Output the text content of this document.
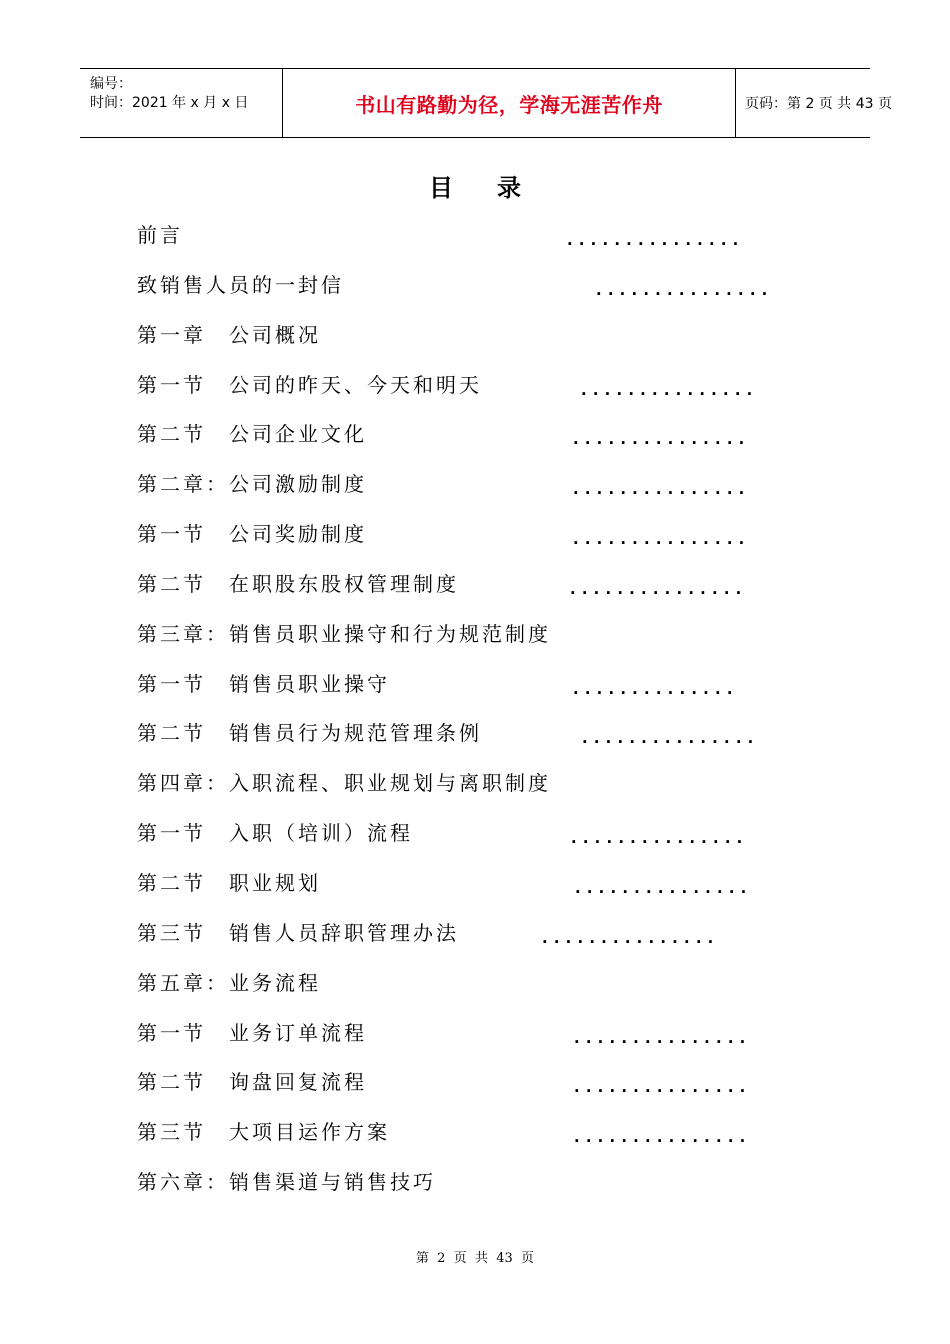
编号：
时间：2021 年 x 月 x 日	书山有路勤为径，学海无涯苦作舟	页码：第 2 页 共 43 页
目 录
前言	...............
致销售人员的一封信	...............
第一章　公司概况
第一节　公司的昨天、今天和明天	...............
第二节　公司企业文化	...............
第二章：公司激励制度	...............
第一节　公司奖励制度	...............
第二节　在职股东股权管理制度	...............
第三章：销售员职业操守和行为规范制度
第一节　销售员职业操守	..............
第二节　销售员行为规范管理条例	...............
第四章：入职流程、职业规划与离职制度
第一节　入职（培训）流程	...............
第二节　职业规划	...............
第三节　销售人员辞职管理办法	...............
第五章：业务流程
第一节　业务订单流程	...............
第二节　询盘回复流程	...............
第三节　大项目运作方案	...............
第六章：销售渠道与销售技巧
第  2  页  共  43  页
